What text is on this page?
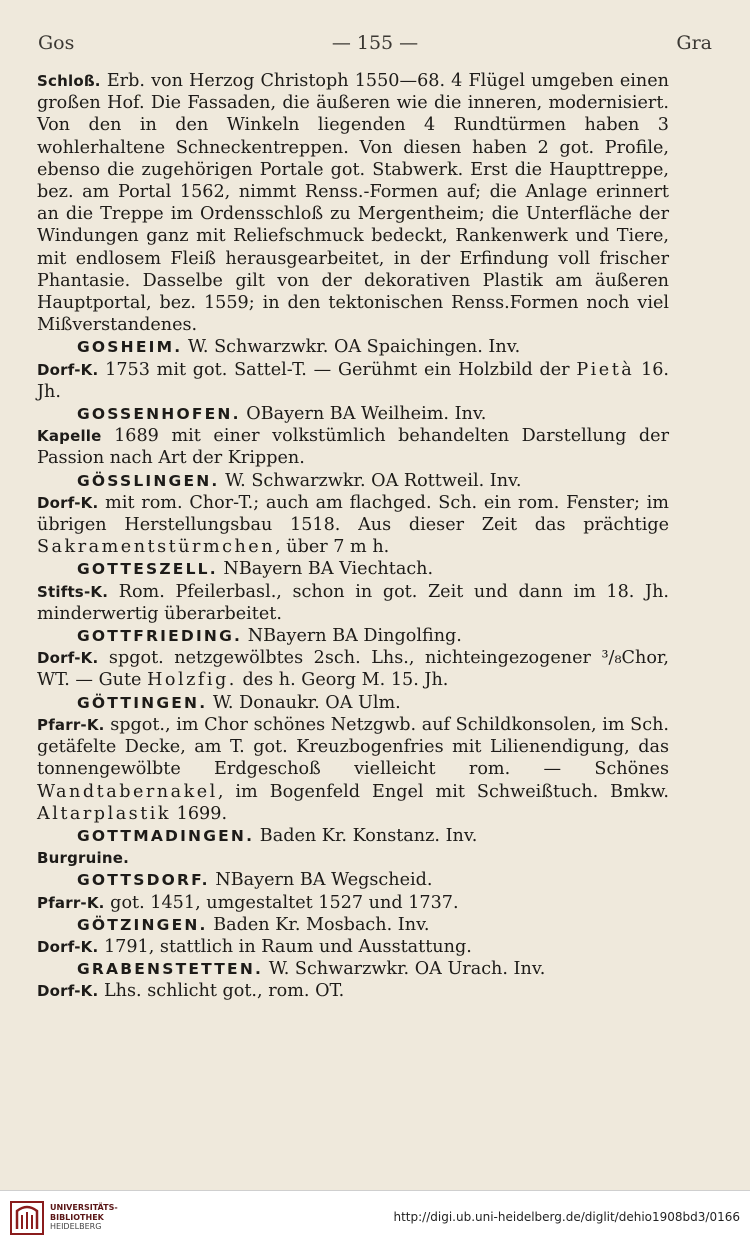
Gos	— 155 —	Gra

Schloß. Erb. von Herzog Christoph 1550—68. 4 Flügel umgeben einen großen Hof. Die Fassaden, die äußeren wie die inneren, modernisiert. Von den in den Winkeln liegenden 4 Rundtürmen haben 3 wohlerhaltene Schneckentreppen. Von diesen haben 2 got. Profile, ebenso die zugehörigen Portale got. Stabwerk. Erst die Haupttreppe, bez. am Portal 1562, nimmt Renss.-Formen auf; die Anlage erinnert an die Treppe im Ordensschloß zu Mergentheim; die Unterfläche der Windungen ganz mit Reliefschmuck bedeckt, Rankenwerk und Tiere, mit endlosem Fleiß herausgearbeitet, in der Erfindung voll frischer Phantasie. Dasselbe gilt von der dekorativen Plastik am äußeren Hauptportal, bez. 1559; in den tektonischen Renss.Formen noch viel Mißverstandenes.

GOSHEIM. W. Schwarzwkr. OA Spaichingen. Inv.

Dorf-K. 1753 mit got. Sattel-T. — Gerühmt ein Holzbild der Pietà 16. Jh.

GOSSENHOFEN. OBayern BA Weilheim. Inv.

Kapelle 1689 mit einer volkstümlich behandelten Darstellung der Passion nach Art der Krippen.

GÖSSLINGEN. W. Schwarzwkr. OA Rottweil. Inv.

Dorf-K. mit rom. Chor-T.; auch am flachged. Sch. ein rom. Fenster; im übrigen Herstellungsbau 1518. Aus dieser Zeit das prächtige Sakramentstürmchen, über 7 m h.

GOTTESZELL. NBayern BA Viechtach.

Stifts-K. Rom. Pfeilerbasl., schon in got. Zeit und dann im 18. Jh. minderwertig überarbeitet.

GOTTFRIEDING. NBayern BA Dingolfing.

Dorf-K. spgot. netzgewölbtes 2sch. Lhs., nichteingezogener ³/₈Chor, WT. — Gute Holzfig. des h. Georg M. 15. Jh.

GÖTTINGEN. W. Donaukr. OA Ulm.

Pfarr-K. spgot., im Chor schönes Netzgwb. auf Schildkonsolen, im Sch. getäfelte Decke, am T. got. Kreuzbogenfries mit Lilienendigung, das tonnengewölbte Erdgeschoß vielleicht rom. — Schönes Wandtabernakel, im Bogenfeld Engel mit Schweißtuch. Bmkw. Altarplastik 1699.

GOTTMADINGEN. Baden Kr. Konstanz. Inv.

Burgruine.

GOTTSDORF. NBayern BA Wegscheid.

Pfarr-K. got. 1451, umgestaltet 1527 und 1737.

GÖTZINGEN. Baden Kr. Mosbach. Inv.

Dorf-K. 1791, stattlich in Raum und Ausstattung.

GRABENSTETTEN. W. Schwarzwkr. OA Urach. Inv.

Dorf-K. Lhs. schlicht got., rom. OT.

UNIVERSITÄTS-
BIBLIOTHEK
HEIDELBERG
http://digi.ub.uni-heidelberg.de/diglit/dehio1908bd3/0166
